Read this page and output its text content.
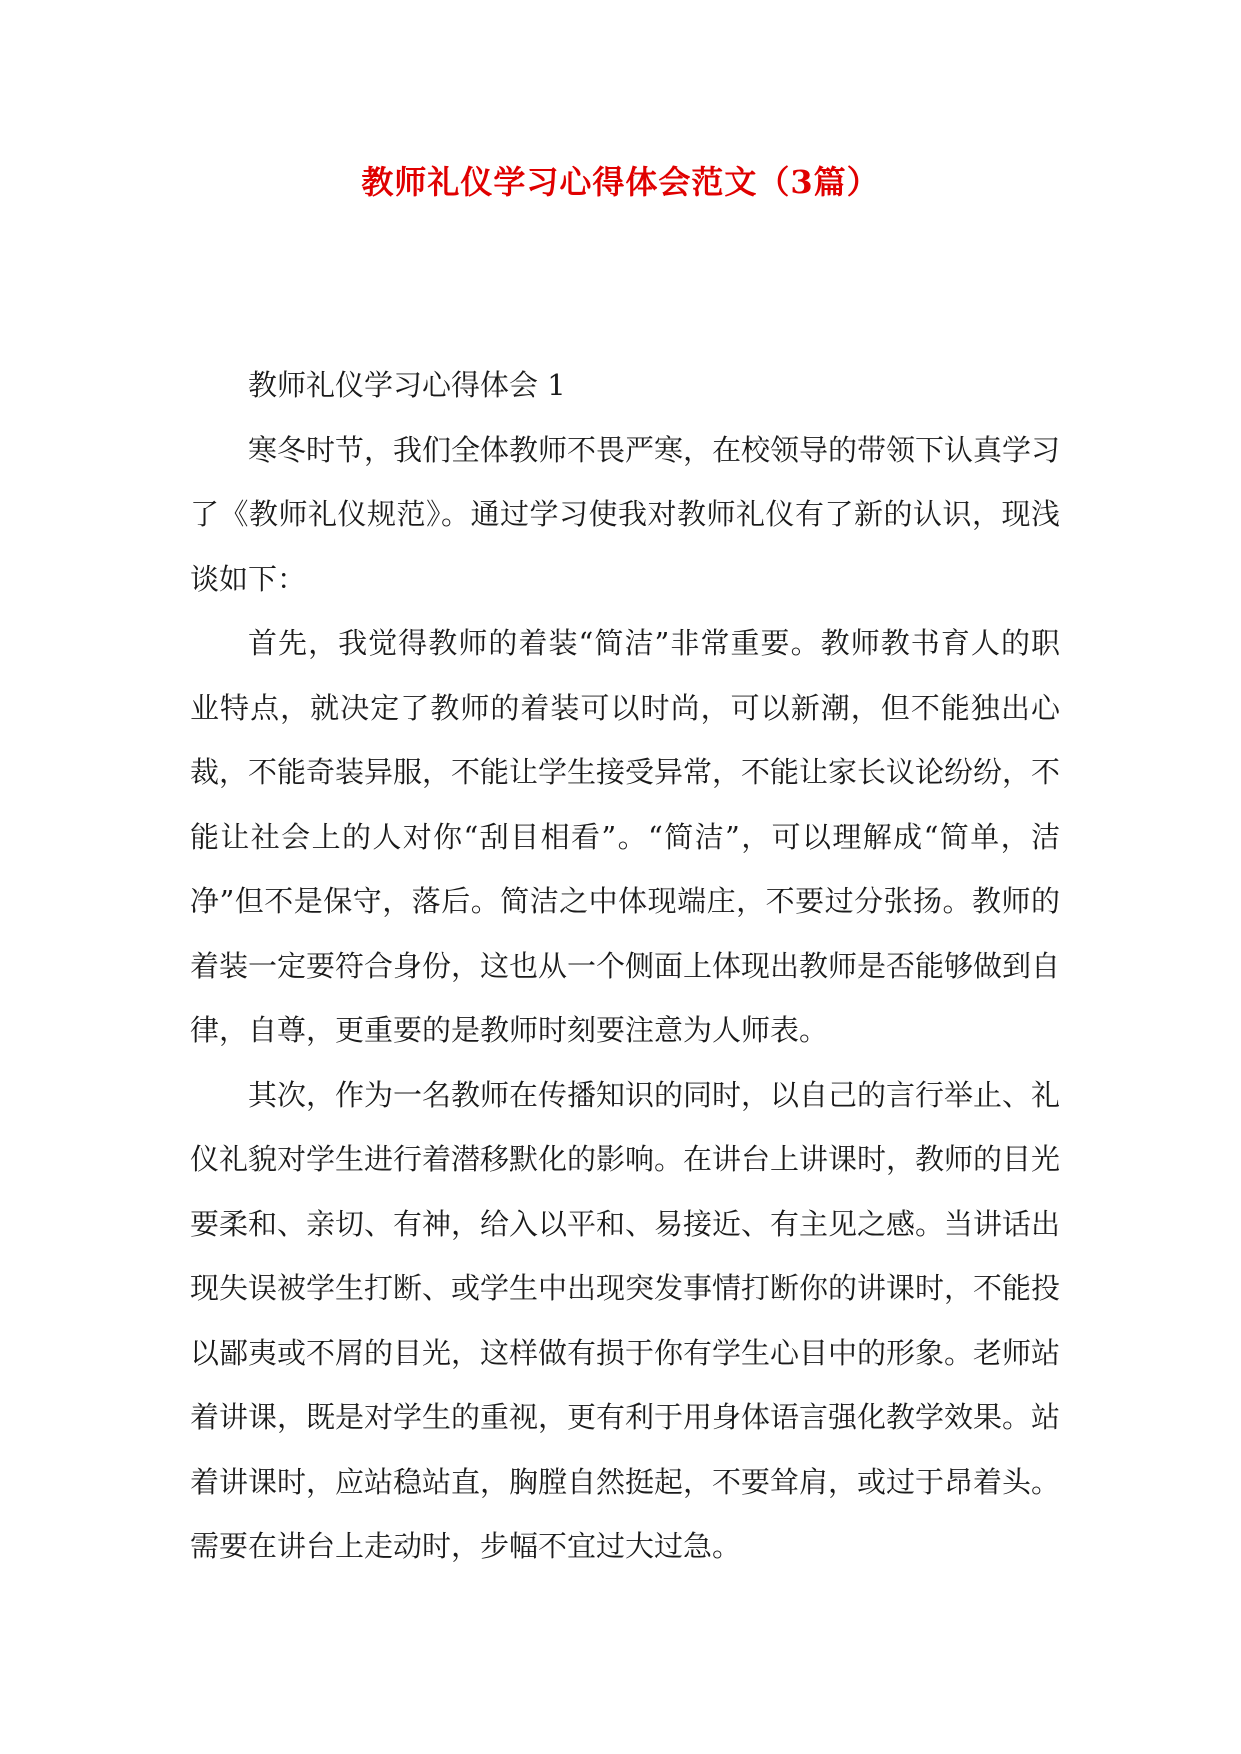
教师礼仪学习心得体会范文（3篇）

教师礼仪学习心得体会 1

寒冬时节，我们全体教师不畏严寒，在校领导的带领下认真学习了《教师礼仪规范》。通过学习使我对教师礼仪有了新的认识，现浅谈如下：

首先，我觉得教师的着装“简洁”非常重要。教师教书育人的职业特点，就决定了教师的着装可以时尚，可以新潮，但不能独出心裁，不能奇装异服，不能让学生接受异常，不能让家长议论纷纷，不能让社会上的人对你“刮目相看”。“简洁”，可以理解成“简单，洁净”但不是保守，落后。简洁之中体现端庄，不要过分张扬。教师的着装一定要符合身份，这也从一个侧面上体现出教师是否能够做到自律，自尊，更重要的是教师时刻要注意为人师表。

其次，作为一名教师在传播知识的同时，以自己的言行举止、礼仪礼貌对学生进行着潜移默化的影响。在讲台上讲课时，教师的目光要柔和、亲切、有神，给入以平和、易接近、有主见之感。当讲话出现失误被学生打断、或学生中出现突发事情打断你的讲课时，不能投以鄙夷或不屑的目光，这样做有损于你有学生心目中的形象。老师站着讲课，既是对学生的重视，更有利于用身体语言强化教学效果。站着讲课时，应站稳站直，胸膛自然挺起，不要耸肩，或过于昂着头。需要在讲台上走动时，步幅不宜过大过急。
